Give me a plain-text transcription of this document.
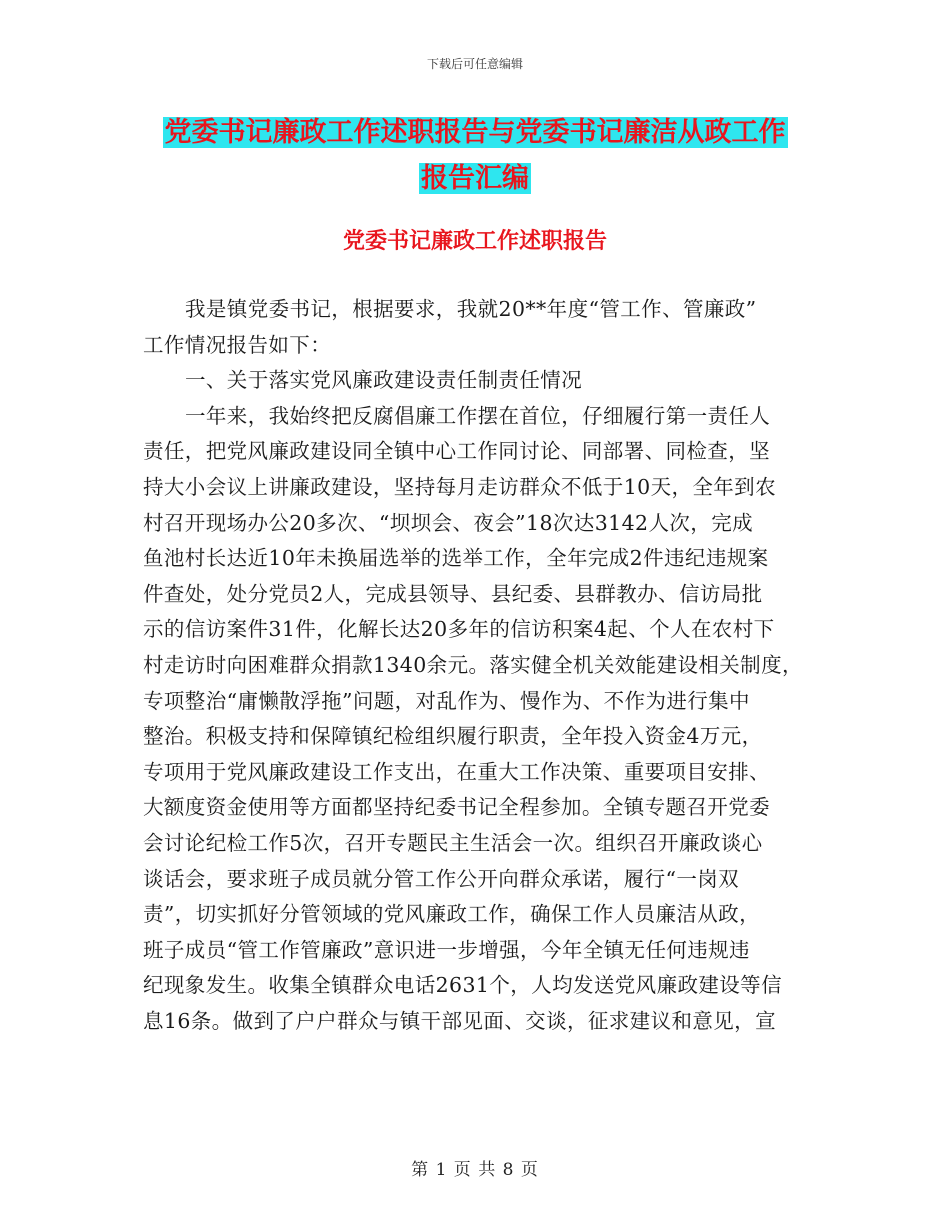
下载后可任意编辑
党委书记廉政工作述职报告与党委书记廉洁从政工作
报告汇编
党委书记廉政工作述职报告
我是镇党委书记，根据要求，我就20**年度“管工作、管廉政”
工作情况报告如下：
一、关于落实党风廉政建设责任制责任情况
一年来，我始终把反腐倡廉工作摆在首位，仔细履行第一责任人
责任，把党风廉政建设同全镇中心工作同讨论、同部署、同检查，坚
持大小会议上讲廉政建设，坚持每月走访群众不低于10天，全年到农
村召开现场办公20多次、“坝坝会、夜会”18次达3142人次，完成
鱼池村长达近10年未换届选举的选举工作，全年完成2件违纪违规案
件查处，处分党员2人，完成县领导、县纪委、县群教办、信访局批
示的信访案件31件，化解长达20多年的信访积案4起、个人在农村下
村走访时向困难群众捐款1340余元。落实健全机关效能建设相关制度，
专项整治“庸懒散浮拖”问题，对乱作为、慢作为、不作为进行集中
整治。积极支持和保障镇纪检组织履行职责，全年投入资金4万元，
专项用于党风廉政建设工作支出，在重大工作决策、重要项目安排、
大额度资金使用等方面都坚持纪委书记全程参加。全镇专题召开党委
会讨论纪检工作5次，召开专题民主生活会一次。组织召开廉政谈心
谈话会，要求班子成员就分管工作公开向群众承诺，履行“一岗双
责”，切实抓好分管领域的党风廉政工作，确保工作人员廉洁从政，
班子成员“管工作管廉政”意识进一步增强，今年全镇无任何违规违
纪现象发生。收集全镇群众电话2631个，人均发送党风廉政建设等信
息16条。做到了户户群众与镇干部见面、交谈，征求建议和意见，宣
第 1 页 共 8 页
